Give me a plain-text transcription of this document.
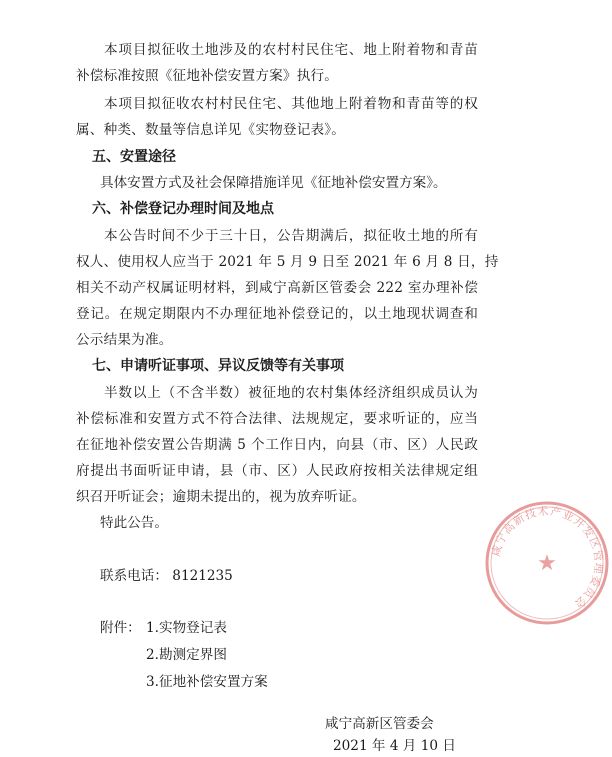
本项目拟征收土地涉及的农村村民住宅、地上附着物和青苗
补偿标准按照《征地补偿安置方案》执行。
本项目拟征收农村村民住宅、其他地上附着物和青苗等的权
属、种类、数量等信息详见《实物登记表》。
五、安置途径
具体安置方式及社会保障措施详见《征地补偿安置方案》。
六、补偿登记办理时间及地点
本公告时间不少于三十日，公告期满后，拟征收土地的所有
权人、使用权人应当于 2021 年 5 月 9 日至 2021 年 6 月 8 日，持
相关不动产权属证明材料，到咸宁高新区管委会 222 室办理补偿
登记。在规定期限内不办理征地补偿登记的，以土地现状调查和
公示结果为准。
七、申请听证事项、异议反馈等有关事项
半数以上（不含半数）被征地的农村集体经济组织成员认为
补偿标准和安置方式不符合法律、法规规定，要求听证的，应当
在征地补偿安置公告期满 5 个工作日内，向县（市、区）人民政
府提出书面听证申请，县（市、区）人民政府按相关法律规定组
织召开听证会；逾期未提出的，视为放弃听证。
特此公告。
联系电话： 8121235
附件： 1.实物登记表
2.勘测定界图
3.征地补偿安置方案
咸宁高新区管委会
2021 年 4 月 10 日
咸宁高新技术产业开发区管理委员会
★
